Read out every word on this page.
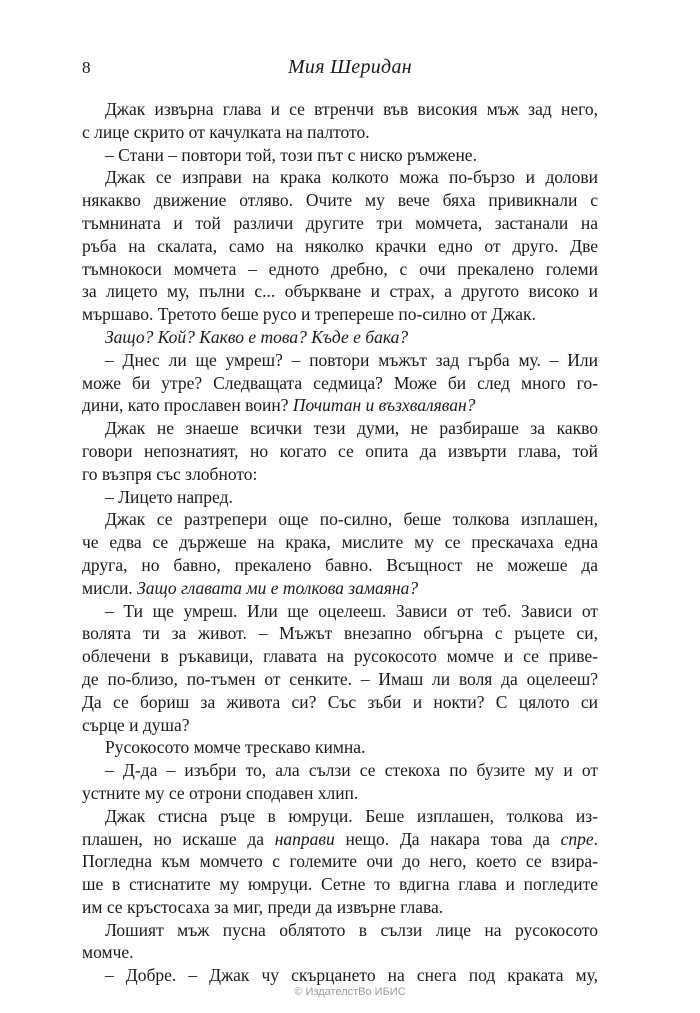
8	Мия Шеридан
Джак извърна глава и се втренчи във високия мъж зад него,
с лице скрито от качулката на палтото.
– Стани – повтори той, този път с ниско ръмжене.
Джак се изправи на крака колкото можа по-бързо и долови
някакво движение отляво. Очите му вече бяха привикнали с
тъмнината и той различи другите три момчета, застанали на
ръба на скалата, само на няколко крачки едно от друго. Две
тъмнокоси момчета – едното дребно, с очи прекалено големи
за лицето му, пълни с... объркване и страх, а другото високо и
мършаво. Третото беше русо и трепереше по-силно от Джак.
Защо? Кой? Какво е това? Къде е бака?
– Днес ли ще умреш? – повтори мъжът зад гърба му. – Или
може би утре? Следващата седмица? Може би след много го-
дини, като прославен воин? Почитан и възхваляван?
Джак не знаеше всички тези думи, не разбираше за какво
говори непознатият, но когато се опита да извърти глава, той
го възпря със злобното:
– Лицето напред.
Джак се разтрепери още по-силно, беше толкова изплашен,
че едва се държеше на крака, мислите му се прескачаха една
друга, но бавно, прекалено бавно. Всъщност не можеше да
мисли. Защо главата ми е толкова замаяна?
– Ти ще умреш. Или ще оцелееш. Зависи от теб. Зависи от
волята ти за живот. – Мъжът внезапно обгърна с ръцете си,
облечени в ръкавици, главата на русокосото момче и се приве-
де по-близо, по-тъмен от сенките. – Имаш ли воля да оцелееш?
Да се бориш за живота си? Със зъби и нокти? С цялото си
сърце и душа?
Русокосото момче трескаво кимна.
– Д-да – изъбри то, ала сълзи се стекоха по бузите му и от
устните му се отрони сподавен хлип.
Джак стисна ръце в юмруци. Беше изплашен, толкова из-
плашен, но искаше да направи нещо. Да накара това да спре.
Погледна към момчето с големите очи до него, което се взира-
ше в стиснатите му юмруци. Сетне то вдигна глава и погледите
им се кръстосаха за миг, преди да извърне глава.
Лошият мъж пусна облятото в сълзи лице на русокосото
момче.
– Добре. – Джак чу скърцането на снега под краката му,
© ИздателстВо ИБИС
